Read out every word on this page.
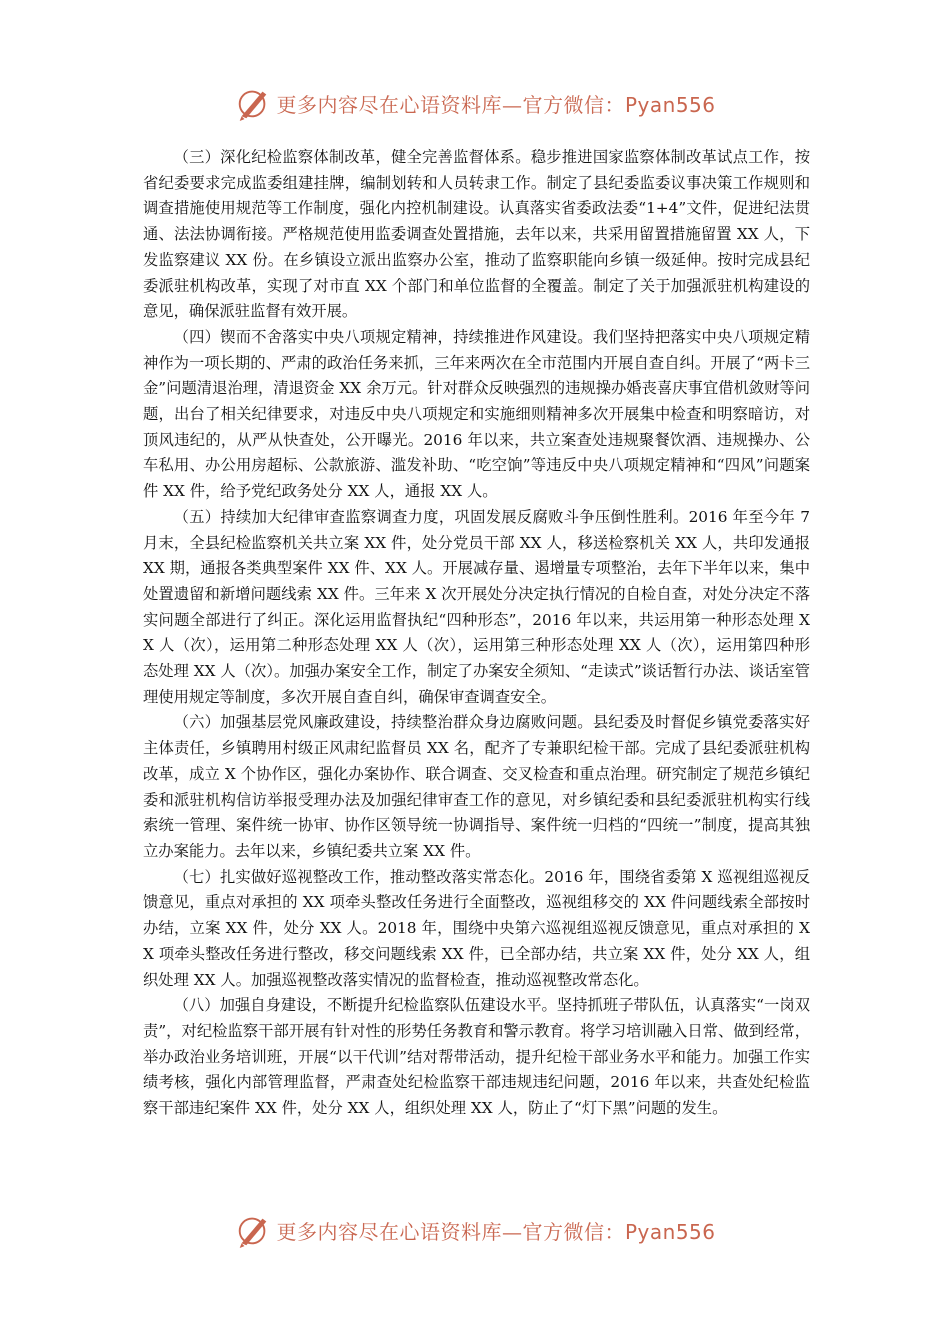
更多内容尽在心语资料库—官方微信：Pyan556

（三）深化纪检监察体制改革，健全完善监督体系。稳步推进国家监察体制改革试点工作，按省纪委要求完成监委组建挂牌，编制划转和人员转隶工作。制定了县纪委监委议事决策工作规则和调查措施使用规范等工作制度，强化内控机制建设。认真落实省委政法委“1+4”文件，促进纪法贯通、法法协调衔接。严格规范使用监委调查处置措施，去年以来，共采用留置措施留置 XX 人，下发监察建议 XX 份。在乡镇设立派出监察办公室，推动了监察职能向乡镇一级延伸。按时完成县纪委派驻机构改革，实现了对市直 XX 个部门和单位监督的全覆盖。制定了关于加强派驻机构建设的意见，确保派驻监督有效开展。

（四）锲而不舍落实中央八项规定精神，持续推进作风建设。我们坚持把落实中央八项规定精神作为一项长期的、严肃的政治任务来抓，三年来两次在全市范围内开展自查自纠。开展了“两卡三金”问题清退治理，清退资金 XX 余万元。针对群众反映强烈的违规操办婚丧喜庆事宜借机敛财等问题，出台了相关纪律要求，对违反中央八项规定和实施细则精神多次开展集中检查和明察暗访，对顶风违纪的，从严从快查处，公开曝光。2016 年以来，共立案查处违规聚餐饮酒、违规操办、公车私用、办公用房超标、公款旅游、滥发补助、“吃空饷”等违反中央八项规定精神和“四风”问题案件 XX 件，给予党纪政务处分 XX 人，通报 XX 人。

（五）持续加大纪律审查监察调查力度，巩固发展反腐败斗争压倒性胜利。2016 年至今年 7 月末，全县纪检监察机关共立案 XX 件，处分党员干部 XX 人，移送检察机关 XX 人，共印发通报 XX 期，通报各类典型案件 XX 件、XX 人。开展减存量、遏增量专项整治，去年下半年以来，集中处置遗留和新增问题线索 XX 件。三年来 X 次开展处分决定执行情况的自检自查，对处分决定不落实问题全部进行了纠正。深化运用监督执纪“四种形态”，2016 年以来，共运用第一种形态处理 XX 人（次），运用第二种形态处理 XX 人（次），运用第三种形态处理 XX 人（次），运用第四种形态处理 XX 人（次）。加强办案安全工作，制定了办案安全须知、“走读式”谈话暂行办法、谈话室管理使用规定等制度，多次开展自查自纠，确保审查调查安全。

（六）加强基层党风廉政建设，持续整治群众身边腐败问题。县纪委及时督促乡镇党委落实好主体责任，乡镇聘用村级正风肃纪监督员 XX 名，配齐了专兼职纪检干部。完成了县纪委派驻机构改革，成立 X 个协作区，强化办案协作、联合调查、交叉检查和重点治理。研究制定了规范乡镇纪委和派驻机构信访举报受理办法及加强纪律审查工作的意见，对乡镇纪委和县纪委派驻机构实行线索统一管理、案件统一协审、协作区领导统一协调指导、案件统一归档的“四统一”制度，提高其独立办案能力。去年以来，乡镇纪委共立案 XX 件。

（七）扎实做好巡视整改工作，推动整改落实常态化。2016 年，围绕省委第 X 巡视组巡视反馈意见，重点对承担的 XX 项牵头整改任务进行全面整改，巡视组移交的 XX 件问题线索全部按时办结，立案 XX 件，处分 XX 人。2018 年，围绕中央第六巡视组巡视反馈意见，重点对承担的 XX 项牵头整改任务进行整改，移交问题线索 XX 件，已全部办结，共立案 XX 件，处分 XX 人，组织处理 XX 人。加强巡视整改落实情况的监督检查，推动巡视整改常态化。

（八）加强自身建设，不断提升纪检监察队伍建设水平。坚持抓班子带队伍，认真落实“一岗双责”，对纪检监察干部开展有针对性的形势任务教育和警示教育。将学习培训融入日常、做到经常，举办政治业务培训班，开展“以干代训”结对帮带活动，提升纪检干部业务水平和能力。加强工作实绩考核，强化内部管理监督，严肃查处纪检监察干部违规违纪问题，2016 年以来，共查处纪检监察干部违纪案件 XX 件，处分 XX 人，组织处理 XX 人，防止了“灯下黑”问题的发生。

更多内容尽在心语资料库—官方微信：Pyan556
